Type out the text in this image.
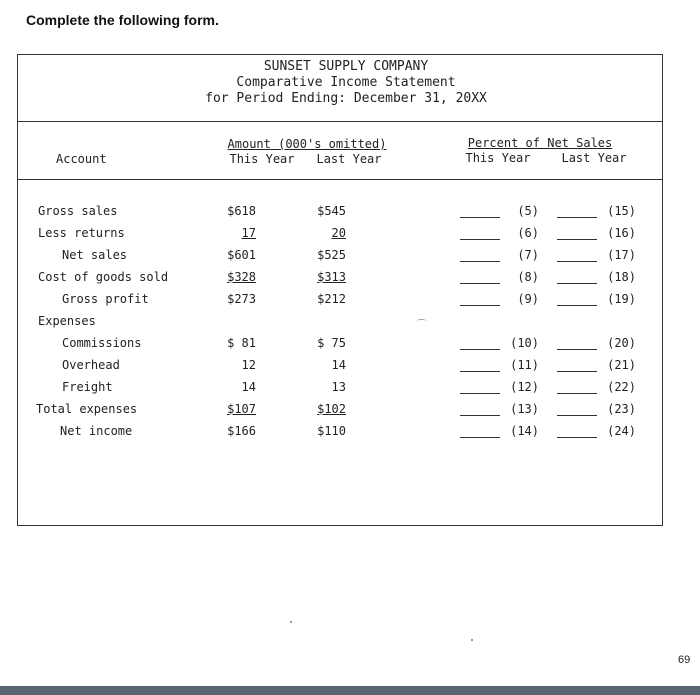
Complete the following form.
SUNSET SUPPLY COMPANY
Comparative Income Statement
for Period Ending: December 31, 20XX
Account
Amount (000's omitted)
This Year Last Year
Percent of Net Sales
This Year	Last Year
Gross sales	$618	$545	(5)	(15)
Less returns	17	20	(6)	(16)
Net sales	$601	$525	(7)	(17)
Cost of goods sold	$328	$313	(8)	(18)
Gross profit	$273	$212	(9)	(19)
Expenses
Commissions	$ 81	$ 75	(10)	(20)
Overhead	12	14	(11)	(21)
Freight	14	13	(12)	(22)
Total expenses	$107	$102	(13)	(23)
Net income	$166	$110	(14)	(24)
⌒
69
